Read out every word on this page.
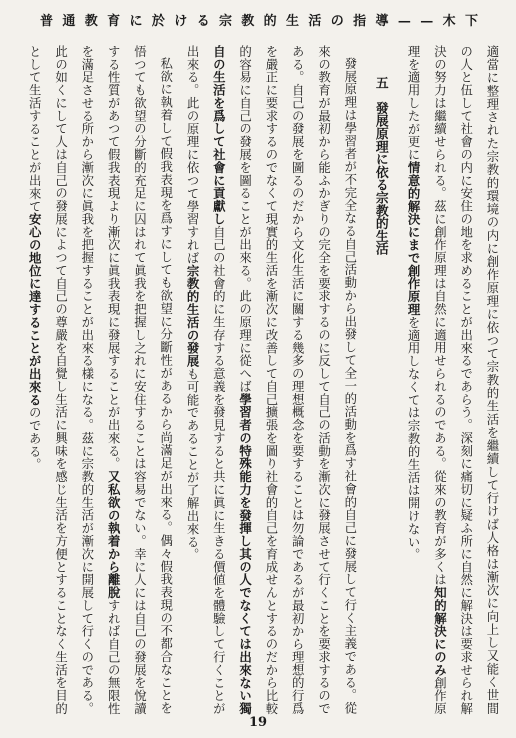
普通教育に於ける宗教的生活の指導——木下
適當に整理された宗教的環境の内に創作原理に依つて宗教的生活を繼續して行けば人格は漸次に向上し又能く世間
の人と伍して社會の内に安住の地を求めることが出來るであらう。深刻に痛切に疑ふ所に自然に解決は要求せられ解
決の努力は繼續せられる。茲に創作原理は自然に適用せられるのである。從來の教育が多くは知的解決にのみ創作原
理を適用したが更に情意的解決にまで創作原理を適用しなくては宗教的生活は開けない。
五　發展原理に依る宗教的生活
發展原理は學習者が不完全なる自己活動から出發して全一的活動を爲す社會的自己に發展して行く主義である。從
來の教育が最初から能ふかぎりの完全を要求するのに反して自己の活動を漸次に發展させて行くことを要求するので
ある。自己の發展を圖るのだから文化生活に關する幾多の理想概念を要することは勿論であるが最初から理想的行爲
を嚴正に要求するのでなくて現實的生活を漸次に改善して自己擴張を圖り社會的自己を育成せんとするのだから比較
的容易に自己の發展を圖ることが出來る。此の原理に從へば學習者の特殊能力を發揮し其の人でなくては出來ない獨
自の生活を爲して社會に貢獻し自己の社會的に生存する意義を發見すると共に眞に生きる價値を體驗して行くことが
出來る。此の原理に依つて學習すれば宗教的生活の發展も可能であることが了解出來る。
私欲に執着して假我表現を爲すにしても欲望に分斷性があるから尚滿足が出來る。偶々假我表現の不都合なことを
悟つても欲望の分斷的充足に囚はれて眞我を把握し之れに安住することは容易でない。幸に人には自己の發展を悅讀
する性質があつて假我表現より漸次に眞我表現に發展することが出來る。又私欲の執着から離脫すれば自己の無限性
を滿足させる所から漸次に眞我を把握することが出來る樣になる。茲に宗教的生活が漸次に開展して行くのである。
此の如くにして人は自己の發展によつて自己の尊嚴を自覺し生活に興味を感じ生活を方便とすることなく生活を目的
として生活することが出來て安心の地位に達することが出來るのである。
19
